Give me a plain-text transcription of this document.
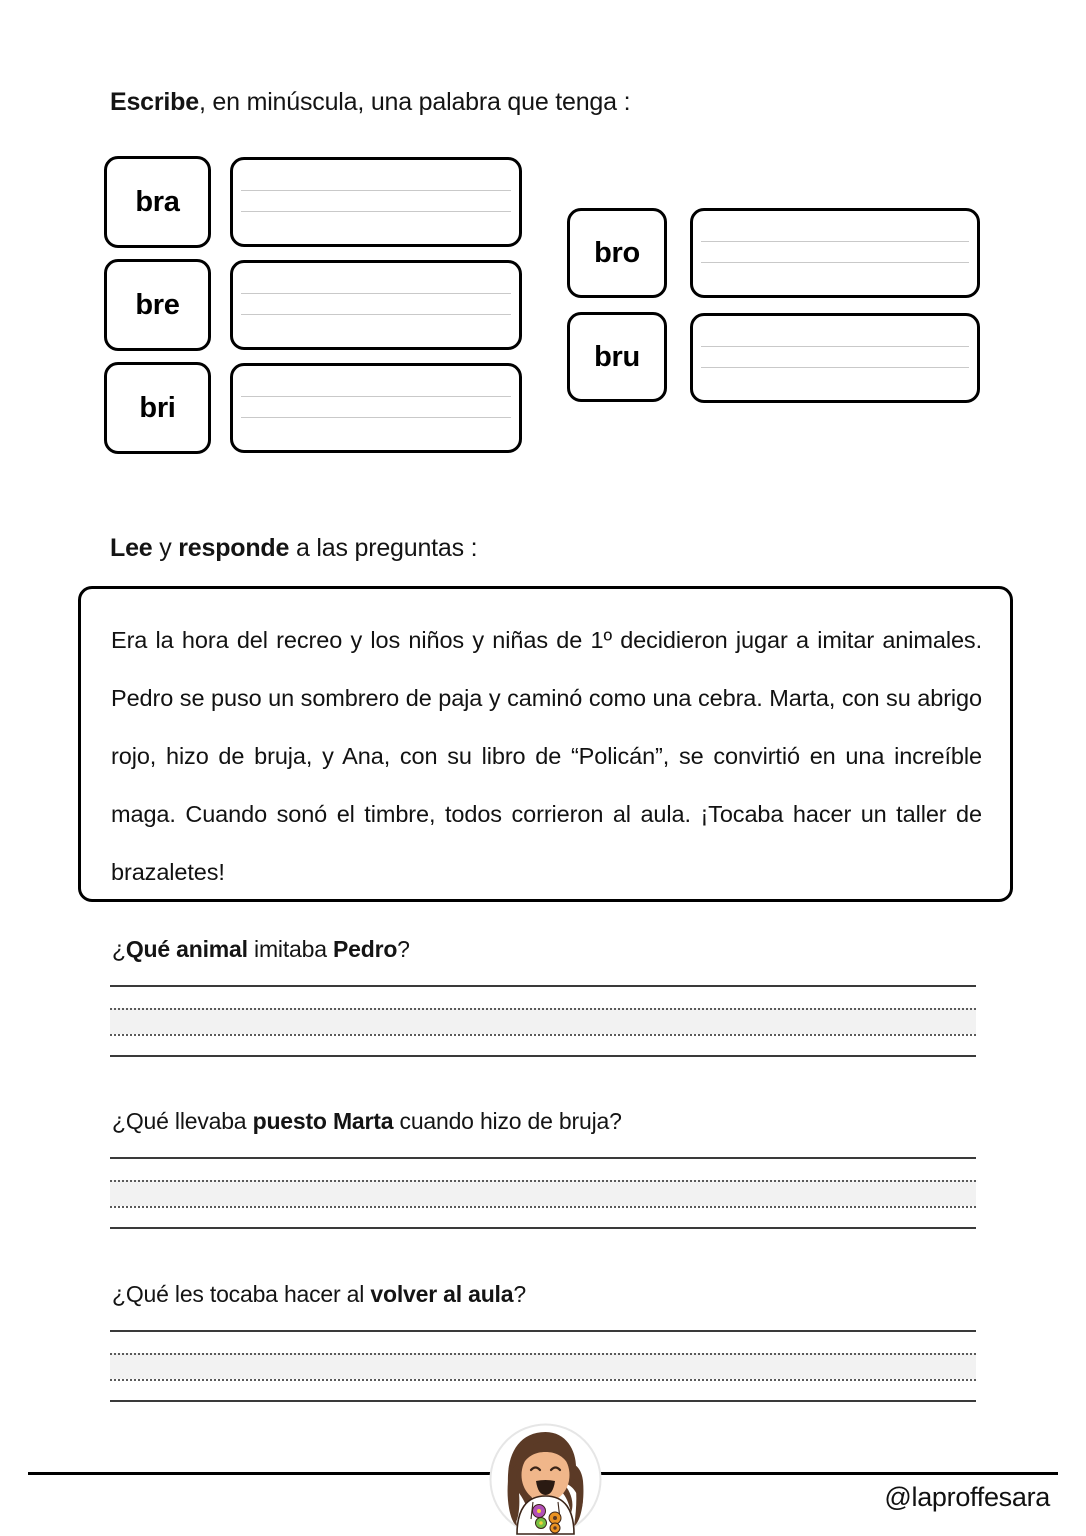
Escribe, en minúscula, una palabra que tenga :
bra
bre
bri
bro
bru
Lee y responde a las preguntas :
Era la hora del recreo y los niños y niñas de 1º decidieron jugar a imitar animales. Pedro se puso un sombrero de paja y caminó como una cebra. Marta, con su abrigo rojo, hizo de bruja, y Ana, con su libro de “Policán”, se convirtió en una increíble maga. Cuando sonó el timbre, todos corrieron al aula. ¡Tocaba hacer un taller de brazaletes!
¿Qué animal imitaba Pedro?
¿Qué llevaba puesto Marta cuando hizo de bruja?
¿Qué les tocaba hacer al volver al aula?
@laproffesara
